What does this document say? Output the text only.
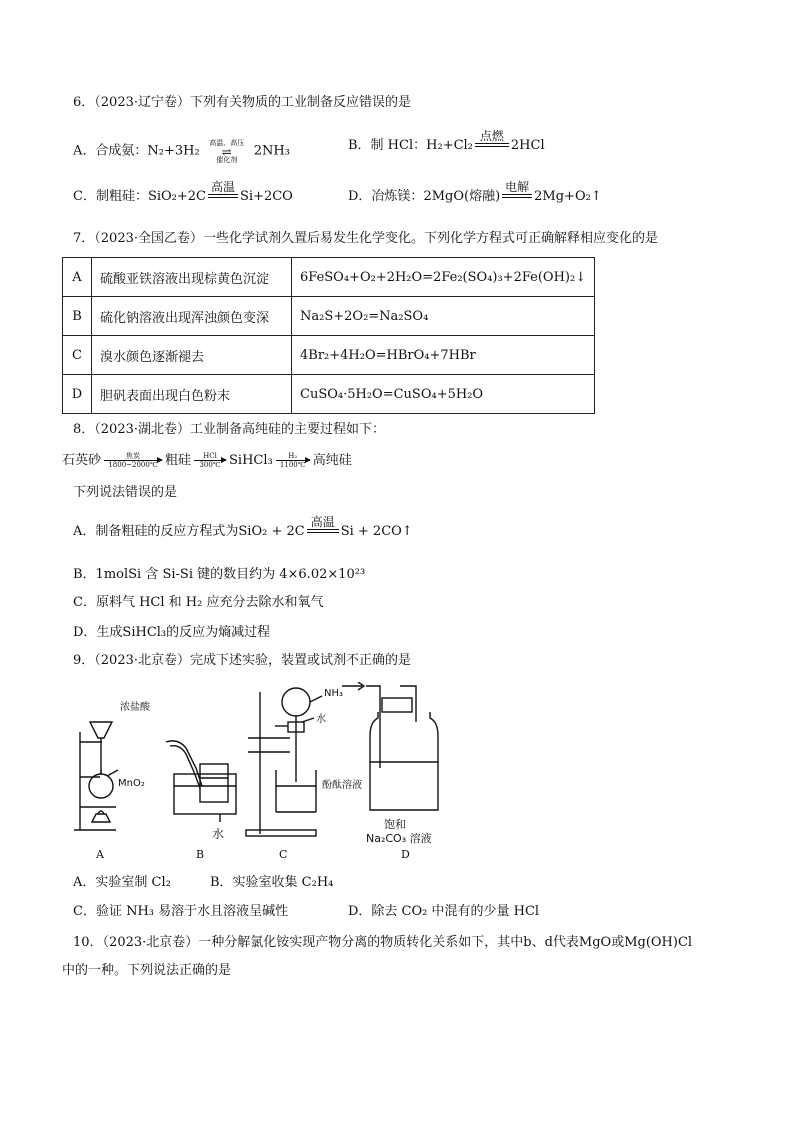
6．（2023·辽宁卷）下列有关物质的工业制备反应错误的是
A．合成氨：N₂+3H₂
高温、高压
⇌
催化剂
2NH₃	B．制 HCl：H₂+Cl₂
点燃
2HCl
C．制粗硅：SiO₂+2C
高温
Si+2CO	D．冶炼镁：2MgO(熔融)
电解
2Mg+O₂↑
7．（2023·全国乙卷）一些化学试剂久置后易发生化学变化。下列化学方程式可正确解释相应变化的是
A	硫酸亚铁溶液出现棕黄色沉淀	6FeSO₄+O₂+2H₂O=2Fe₂(SO₄)₃+2Fe(OH)₂↓
B	硫化钠溶液出现浑浊颜色变深	Na₂S+2O₂=Na₂SO₄
C	溴水颜色逐渐褪去	4Br₂+4H₂O=HBrO₄+7HBr
D	胆矾表面出现白色粉末	CuSO₄·5H₂O=CuSO₄+5H₂O
8．（2023·湖北卷）工业制备高纯硅的主要过程如下：
石英砂	焦炭
1800~2000℃ 粗硅	HCl
300℃ SiHCl₃ $\frac{\text{H₂}}{1100℃}$ 高纯硅
下列说法错误的是
A．制备粗硅的反应方程式为SiO₂ + 2C
高温
Si + 2CO↑
B．1molSi 含 Si-Si 键的数目约为 4×6.02×10²³
C．原料气 HCl 和 H₂ 应充分去除水和氧气
D．生成SiHCl₃的反应为熵减过程
9．（2023·北京卷）完成下述实验，装置或试剂不正确的是
浓盐酸
MnO₂
水
NH₃
水
酚酞溶液
饱和
Na₂CO₃ 溶液
A	B	C	D
A．实验室制 Cl₂	B．实验室收集 C₂H₄
C．验证 NH₃ 易溶于水且溶液呈碱性	D．除去 CO₂ 中混有的少量 HCl
10．（2023·北京卷）一种分解氯化铵实现产物分离的物质转化关系如下，其中b、d代表MgO或Mg(OH)Cl
中的一种。下列说法正确的是
